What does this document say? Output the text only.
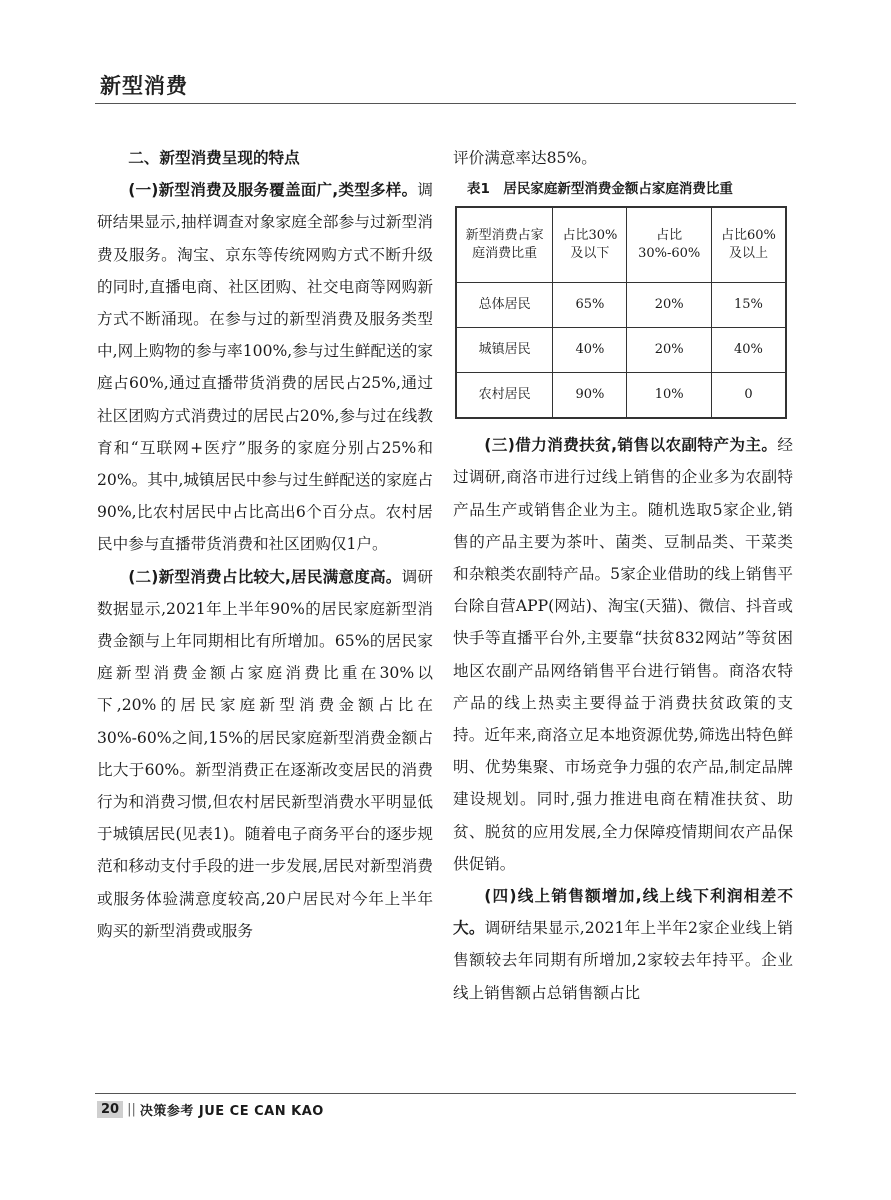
新型消费

二、新型消费呈现的特点

(一)新型消费及服务覆盖面广,类型多样。调研结果显示,抽样调查对象家庭全部参与过新型消费及服务。淘宝、京东等传统网购方式不断升级的同时,直播电商、社区团购、社交电商等网购新方式不断涌现。在参与过的新型消费及服务类型中,网上购物的参与率100%,参与过生鲜配送的家庭占60%,通过直播带货消费的居民占25%,通过社区团购方式消费过的居民占20%,参与过在线教育和“互联网+医疗”服务的家庭分别占25%和20%。其中,城镇居民中参与过生鲜配送的家庭占90%,比农村居民中占比高出6个百分点。农村居民中参与直播带货消费和社区团购仅1户。

(二)新型消费占比较大,居民满意度高。调研数据显示,2021年上半年90%的居民家庭新型消费金额与上年同期相比有所增加。65%的居民家庭新型消费金额占家庭消费比重在30%以下,20%的居民家庭新型消费金额占比在30%-60%之间,15%的居民家庭新型消费金额占比大于60%。新型消费正在逐渐改变居民的消费行为和消费习惯,但农村居民新型消费水平明显低于城镇居民(见表1)。随着电子商务平台的逐步规范和移动支付手段的进一步发展,居民对新型消费或服务体验满意度较高,20户居民对今年上半年购买的新型消费或服务

评价满意率达85%。

表1　居民家庭新型消费金额占家庭消费比重
新型消费占家庭消费比重	占比30%及以下	占比30%-60%	占比60%及以上
总体居民	65%	20%	15%
城镇居民	40%	20%	40%
农村居民	90%	10%	0

(三)借力消费扶贫,销售以农副特产为主。经过调研,商洛市进行过线上销售的企业多为农副特产品生产或销售企业为主。随机选取5家企业,销售的产品主要为茶叶、菌类、豆制品类、干菜类和杂粮类农副特产品。5家企业借助的线上销售平台除自营APP(网站)、淘宝(天猫)、微信、抖音或快手等直播平台外,主要靠“扶贫832网站”等贫困地区农副产品网络销售平台进行销售。商洛农特产品的线上热卖主要得益于消费扶贫政策的支持。近年来,商洛立足本地资源优势,筛选出特色鲜明、优势集聚、市场竞争力强的农产品,制定品牌建设规划。同时,强力推进电商在精准扶贫、助贫、脱贫的应用发展,全力保障疫情期间农产品保供促销。

(四)线上销售额增加,线上线下利润相差不大。调研结果显示,2021年上半年2家企业线上销售额较去年同期有所增加,2家较去年持平。企业线上销售额占总销售额占比

20 || 决策参考 JUE CE CAN KAO
